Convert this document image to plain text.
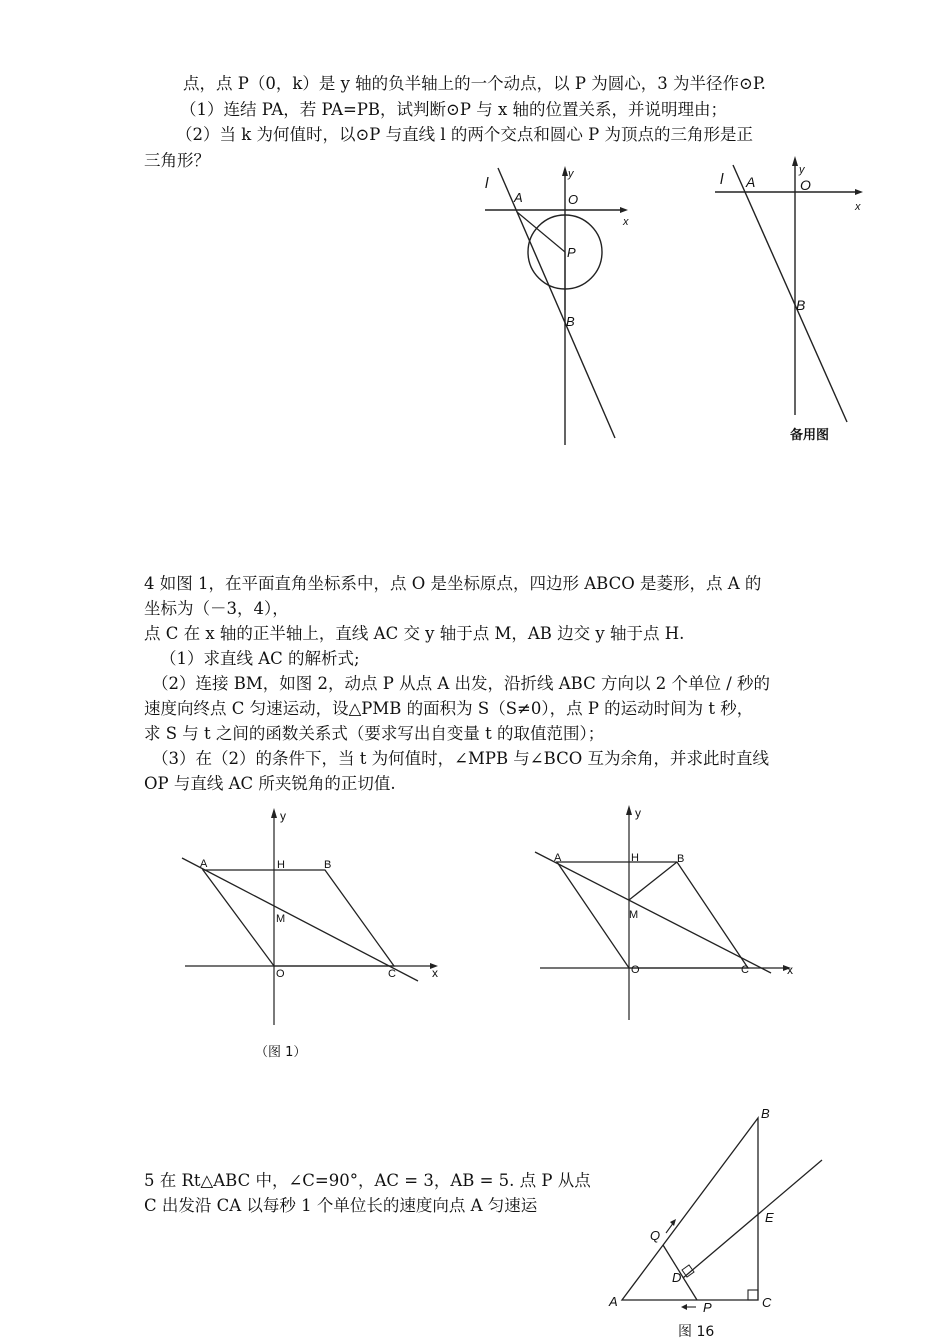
点，点 P（0，k）是 y 轴的负半轴上的一个动点，以 P 为圆心，3 为半径作⊙P.
（1）连结 PA，若 PA=PB，试判断⊙P 与 x 轴的位置关系，并说明理由；
（2）当 k 为何值时，以⊙P 与直线 l 的两个交点和圆心 P 为顶点的三角形是正
三角形？
l
A	O
x
y
P
B
l A	O
x
y
B
备用图
4 如图 1，在平面直角坐标系中，点 O 是坐标原点，四边形 ABCO 是菱形，点 A 的
坐标为（－3，4），
点 C 在 x 轴的正半轴上，直线 AC 交 y 轴于点 M，AB 边交 y 轴于点 H.
（1）求直线 AC 的解析式;
（2）连接 BM，如图 2，动点 P 从点 A 出发，沿折线 ABC 方向以 2 个单位 / 秒的
速度向终点 C 匀速运动，设△PMB 的面积为 S（S≠0），点 P 的运动时间为 t 秒，
求 S 与 t 之间的函数关系式（要求写出自变量 t 的取值范围）；
（3）在（2）的条件下，当 t 为何值时，∠MPB 与∠BCO 互为余角，并求此时直线
OP 与直线 AC 所夹锐角的正切值.
y
x
A	H	B
M
O	C
（图 1）
y
x
A	H	B
M
O	C
5 在 Rt△ABC 中，∠C=90°，AC = 3，AB = 5. 点 P 从点
C 出发沿 CA 以每秒 1 个单位长的速度向点 A 匀速运
B
E
Q
D
A	P	C
图 16
